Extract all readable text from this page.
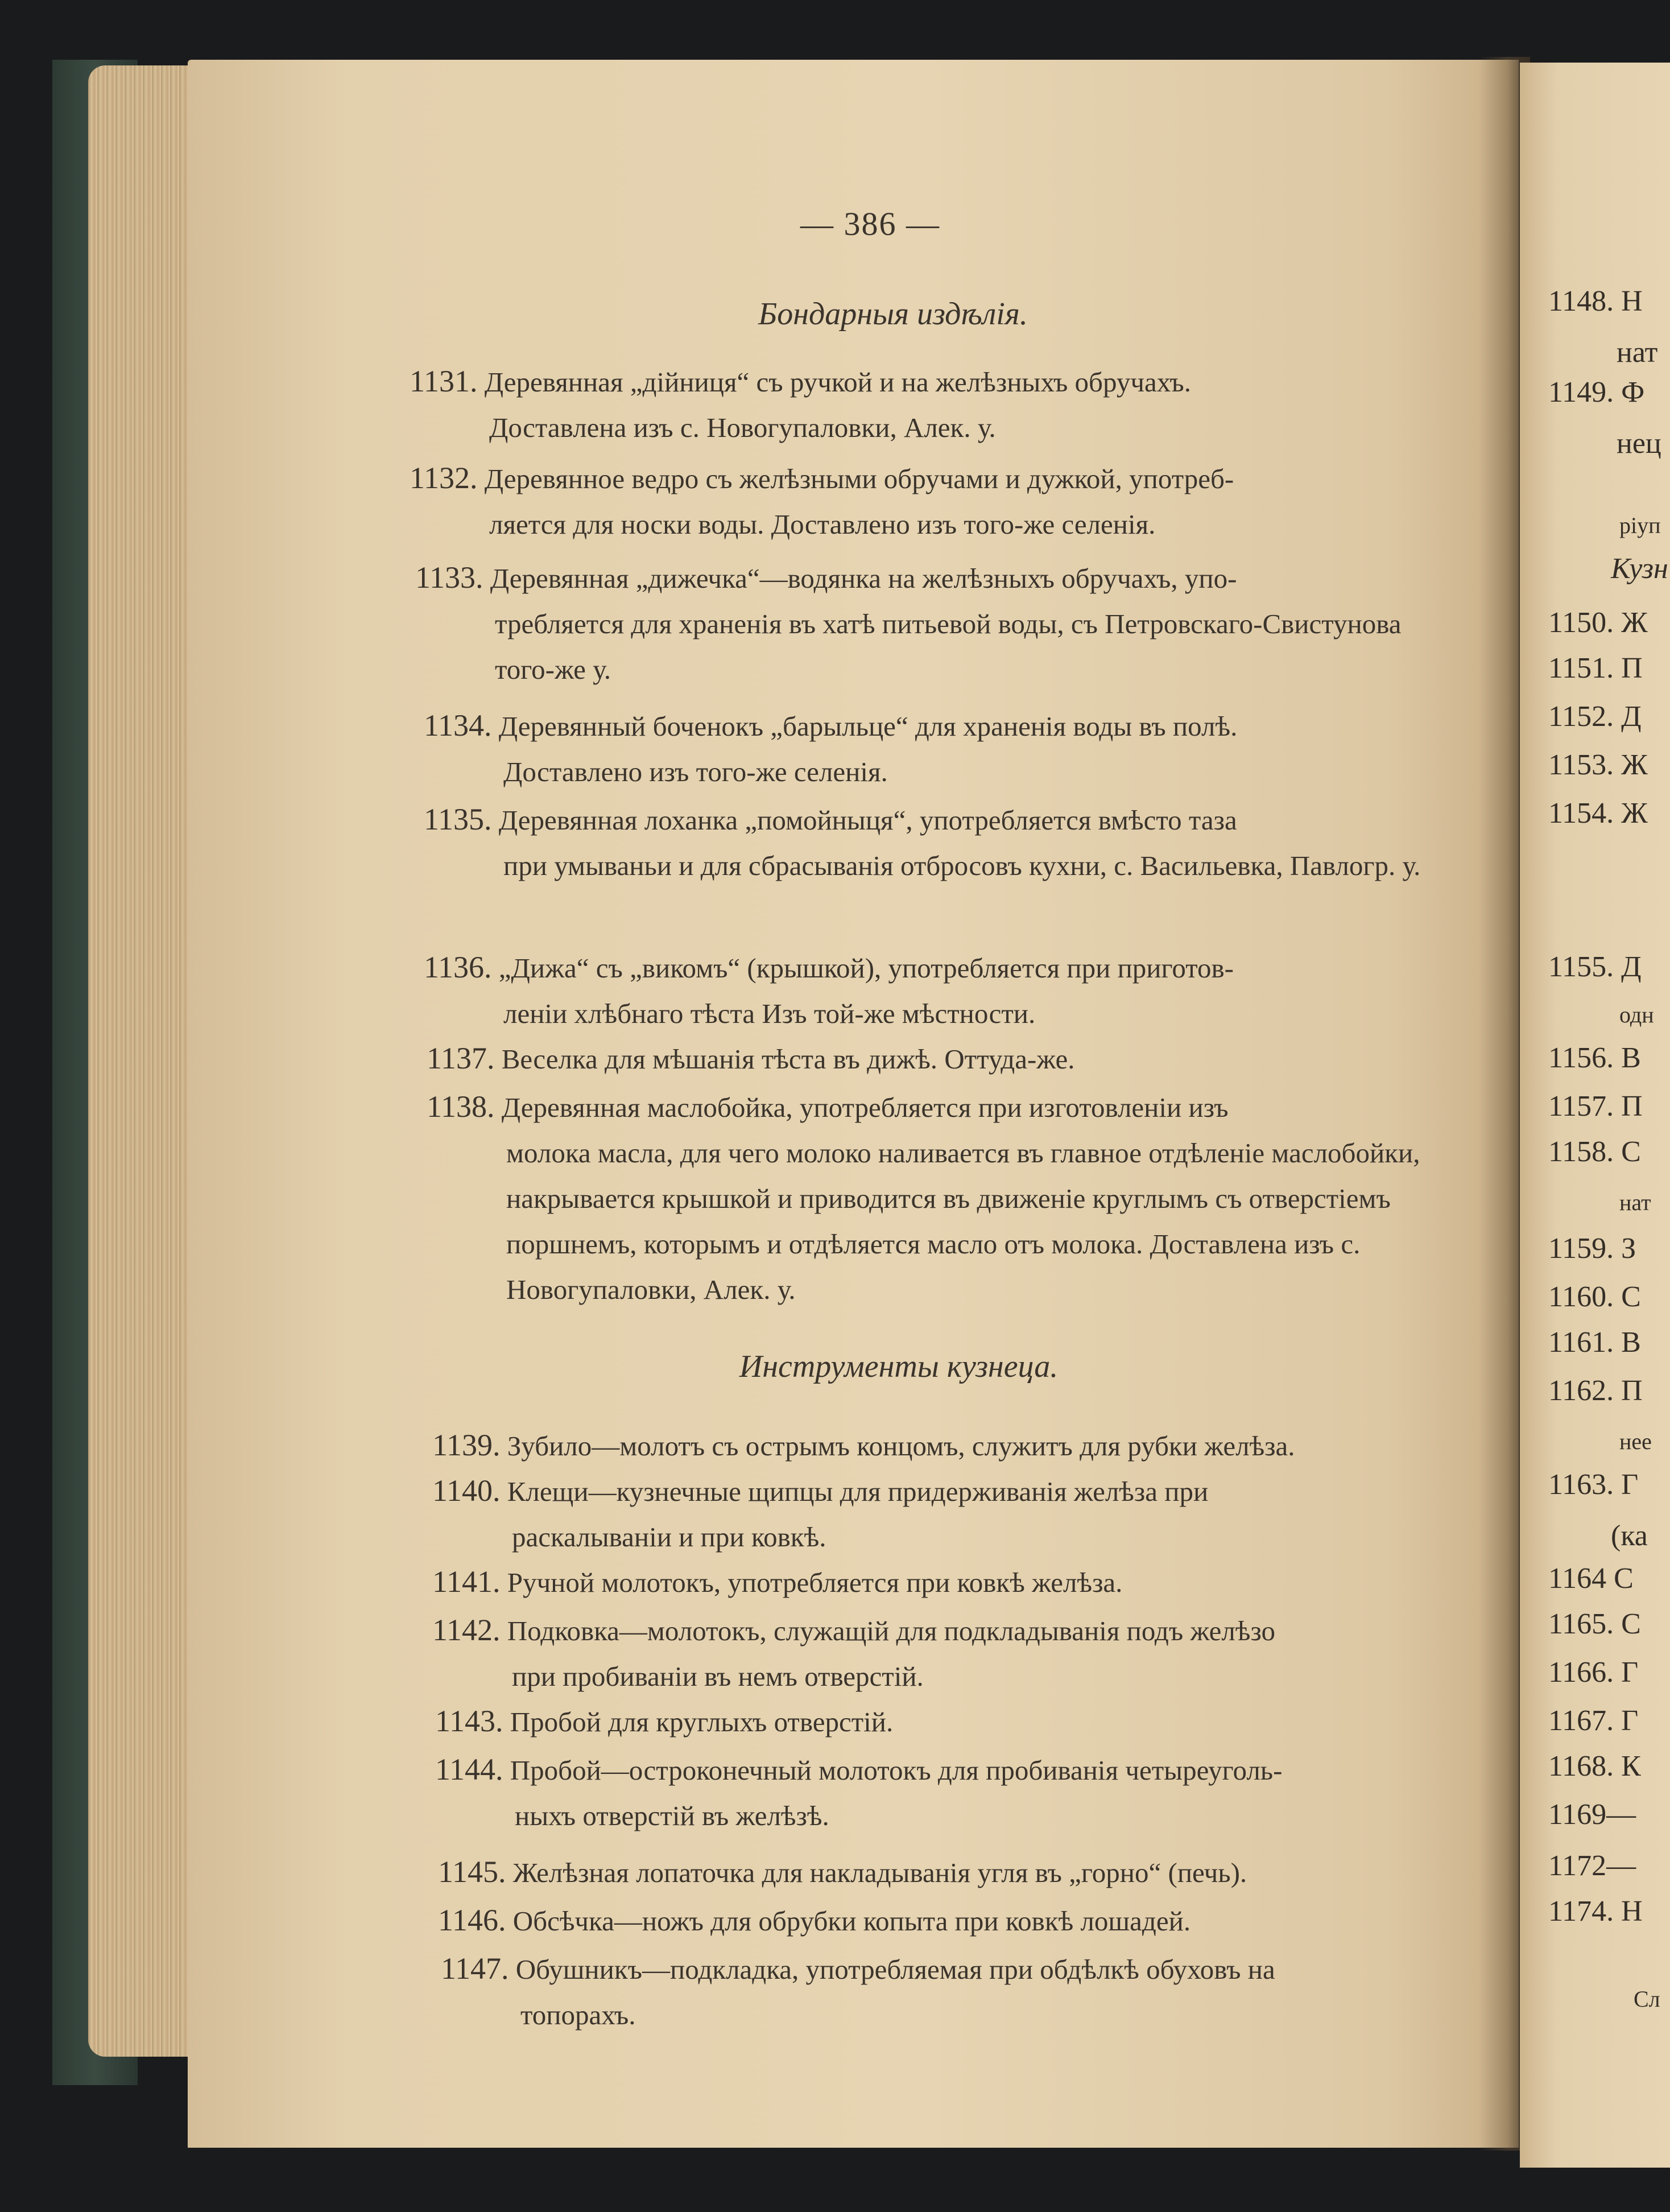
— 386 —
Бондарныя издѣлія.
1131. Деревянная „дійниця“ съ ручкой и на желѣзныхъ обручахъ.
Доставлена изъ с. Новогупаловки, Алек. у.
1132. Деревянное ведро съ желѣзными обручами и дужкой, употреб-
ляется для носки воды. Доставлено изъ того-же селенія.
1133. Деревянная „дижечка“—водянка на желѣзныхъ обручахъ, упо-
требляется для храненія въ хатѣ питьевой воды, съ Петровскаго-Свистунова того-же у.
1134. Деревянный боченокъ „барыльце“ для храненія воды въ полѣ.
Доставлено изъ того-же селенія.
1135. Деревянная лоханка „помойныця“, употребляется вмѣсто таза
при умываньи и для сбрасыванія отбросовъ кухни, с. Васильевка, Павлогр. у.
1136. „Дижа“ съ „викомъ“ (крышкой), употребляется при приготов-
леніи хлѣбнаго тѣста Изъ той-же мѣстности.
1137. Веселка для мѣшанія тѣста въ дижѣ. Оттуда-же.
1138. Деревянная маслобойка, употребляется при изготовленіи изъ
молока масла, для чего молоко наливается въ главное отдѣленіе маслобойки, накрывается крышкой и приводится въ движеніе круглымъ съ отверстіемъ поршнемъ, которымъ и отдѣляется масло отъ молока. Доставлена изъ с. Новогупаловки, Алек. у.
Инструменты кузнеца.
1139. Зубило—молотъ съ острымъ концомъ, служитъ для рубки желѣза.
1140. Клещи—кузнечные щипцы для придерживанія желѣза при
раскалываніи и при ковкѣ.
1141. Ручной молотокъ, употребляется при ковкѣ желѣза.
1142. Подковка—молотокъ, служащій для подкладыванія подъ желѣзо
при пробиваніи въ немъ отверстій.
1143. Пробой для круглыхъ отверстій.
1144. Пробой—остроконечный молотокъ для пробиванія четыреуголь-
ныхъ отверстій въ желѣзѣ.
1145. Желѣзная лопаточка для накладыванія угля въ „горно“ (печь).
1146. Обсѣчка—ножъ для обрубки копыта при ковкѣ лошадей.
1147. Обушникъ—подкладка, употребляемая при обдѣлкѣ обуховъ на
топорахъ.
1148. Н
нат
1149. Ф
нец
ріуп
Кузн
1150. Ж
1151. П
1152. Д
1153. Ж
1154. Ж
1155. Д
одн
1156. В
1157. П
1158. С
нат
1159. З
1160. С
1161. В
1162. П
нее
1163. Г
(ка
1164 С
1165. С
1166. Г
1167. Г
1168. К
1169—
1172—
1174. Н
Сл
